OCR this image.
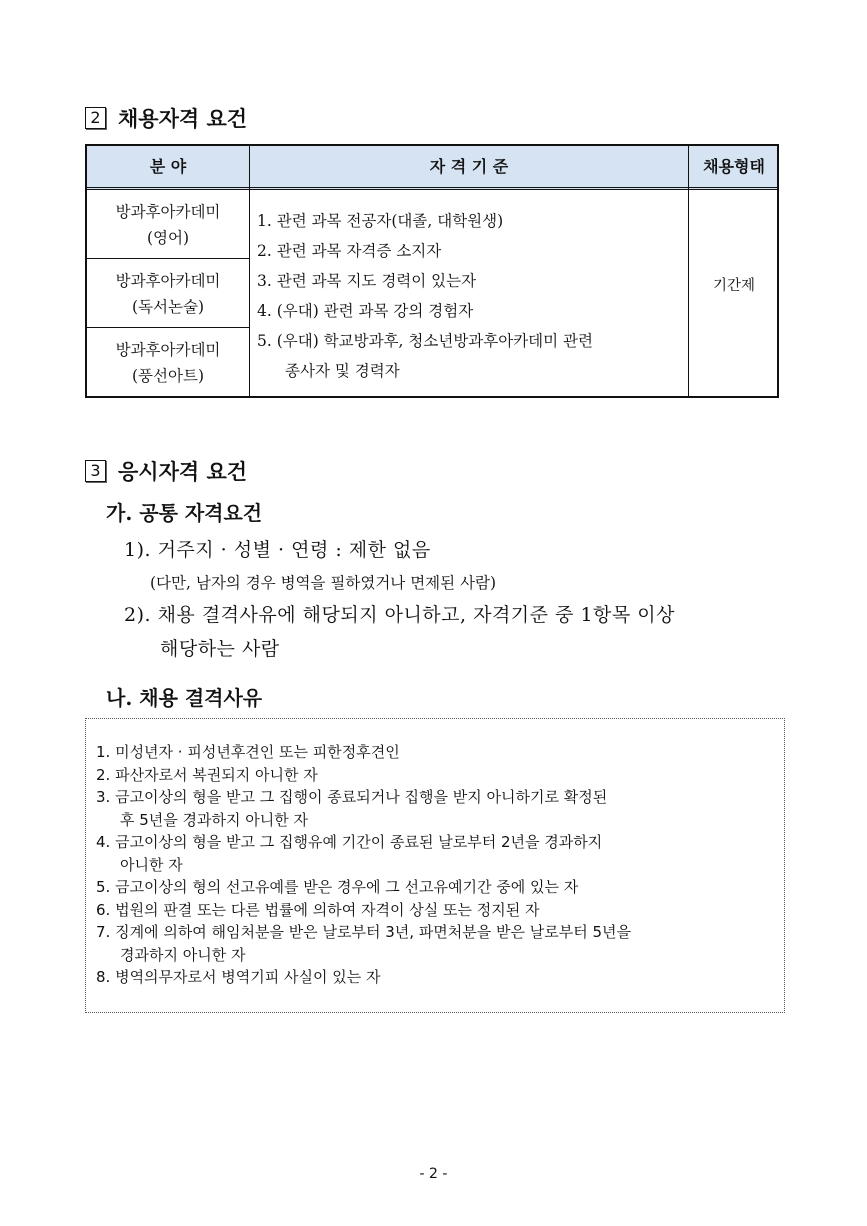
2 채용자격 요건
분 야	자 격 기 준	채용형태
방과후아카데미
(영어)
방과후아카데미
(독서논술)
방과후아카데미
(풍선아트)
1. 관련 과목 전공자(대졸, 대학원생)
2. 관련 과목 자격증 소지자
3. 관련 과목 지도 경력이 있는자
4. (우대) 관련 과목 강의 경험자
5. (우대) 학교방과후, 청소년방과후아카데미 관련
종사자 및 경력자
기간제
3 응시자격 요건
가. 공통 자격요건
1). 거주지 · 성별 · 연령 : 제한 없음
(다만, 남자의 경우 병역을 필하였거나 면제된 사람)
2). 채용 결격사유에 해당되지 아니하고, 자격기준 중 1항목 이상
해당하는 사람
나. 채용 결격사유
1. 미성년자 · 피성년후견인 또는 피한정후견인
2. 파산자로서 복권되지 아니한 자
3. 금고이상의 형을 받고 그 집행이 종료되거나 집행을 받지 아니하기로 확정된
후 5년을 경과하지 아니한 자
4. 금고이상의 형을 받고 그 집행유예 기간이 종료된 날로부터 2년을 경과하지
아니한 자
5. 금고이상의 형의 선고유예를 받은 경우에 그 선고유예기간 중에 있는 자
6. 법원의 판결 또는 다른 법률에 의하여 자격이 상실 또는 정지된 자
7. 징계에 의하여 해임처분을 받은 날로부터 3년, 파면처분을 받은 날로부터 5년을
경과하지 아니한 자
8. 병역의무자로서 병역기피 사실이 있는 자
- 2 -
